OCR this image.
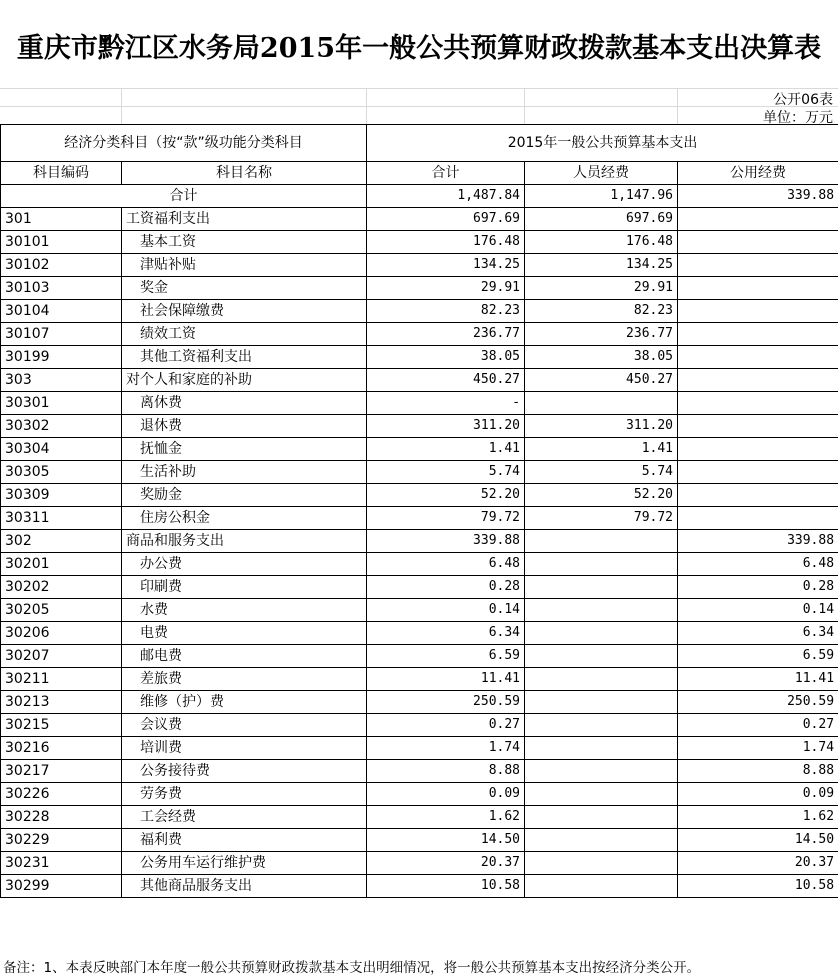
重庆市黔江区水务局2015年一般公共预算财政拨款基本支出决算表
公开06表
单位：万元
经济分类科目（按“款”级功能分类科目		2015年一般公共预算基本支出		
科目编码	科目名称	合计	人员经费	公用经费
合计		1,487.84	1,147.96	339.88
301	工资福利支出	697.69	697.69	
30101	基本工资	176.48	176.48	
30102	津贴补贴	134.25	134.25	
30103	奖金	29.91	29.91	
30104	社会保障缴费	82.23	82.23	
30107	绩效工资	236.77	236.77	
30199	其他工资福利支出	38.05	38.05	
303	对个人和家庭的补助	450.27	450.27	
30301	离休费	-		
30302	退休费	311.20	311.20	
30304	抚恤金	1.41	1.41	
30305	生活补助	5.74	5.74	
30309	奖励金	52.20	52.20	
30311	住房公积金	79.72	79.72	
302	商品和服务支出	339.88		339.88
30201	办公费	6.48		6.48
30202	印刷费	0.28		0.28
30205	水费	0.14		0.14
30206	电费	6.34		6.34
30207	邮电费	6.59		6.59
30211	差旅费	11.41		11.41
30213	维修（护）费	250.59		250.59
30215	会议费	0.27		0.27
30216	培训费	1.74		1.74
30217	公务接待费	8.88		8.88
30226	劳务费	0.09		0.09
30228	工会经费	1.62		1.62
30229	福利费	14.50		14.50
30231	公务用车运行维护费	20.37		20.37
30299	其他商品服务支出	10.58		10.58
备注：1、本表反映部门本年度一般公共预算财政拨款基本支出明细情况，将一般公共预算基本支出按经济分类公开。
